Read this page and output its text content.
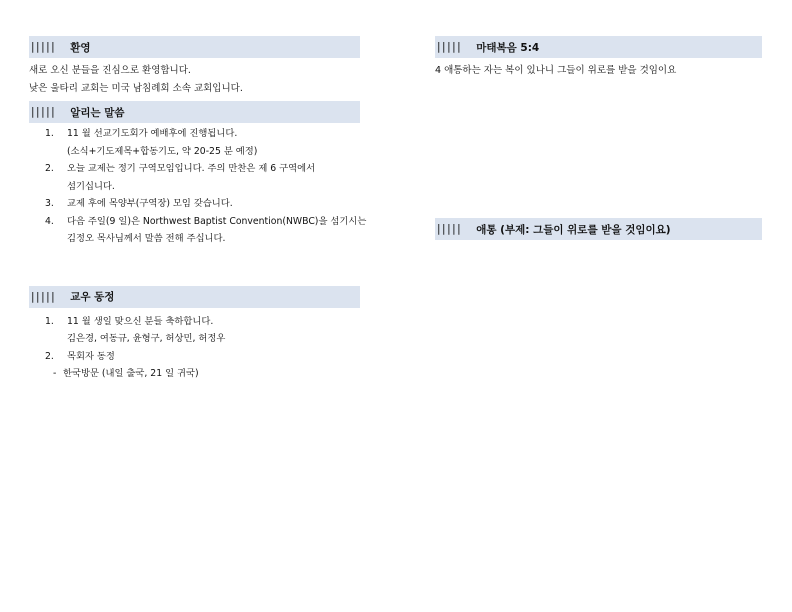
||||| 환영
새로 오신 분들을 진심으로 환영합니다.
낮은 울타리 교회는 미국 남침례회 소속 교회입니다.
||||| 알리는 말씀
1.	11 월 선교기도회가 예배후에 진행됩니다.
(소식+기도제목+합동기도, 약 20-25 분 예정)
2.	오늘 교제는 정기 구역모임입니다. 주의 만찬은 제 6 구역에서
섬기십니다.
3.	교제 후에 목양부(구역장) 모임 갖습니다.
4.	다음 주일(9 일)은 Northwest Baptist Convention(NWBC)을 섬기시는
김정오 목사님께서 말씀 전해 주십니다.
||||| 교우 동정
1.	11 월 생일 맞으신 분들 축하합니다.
김은경, 여동규, 윤형구, 허상민, 허정우
2.	목회자 동정
- 한국방문 (내일 출국, 21 일 귀국)
||||| 마태복음 5:4
4 애통하는 자는 복이 있나니 그들이 위로를 받을 것임이요
||||| 애통 (부제: 그들이 위로를 받을 것임이요)
